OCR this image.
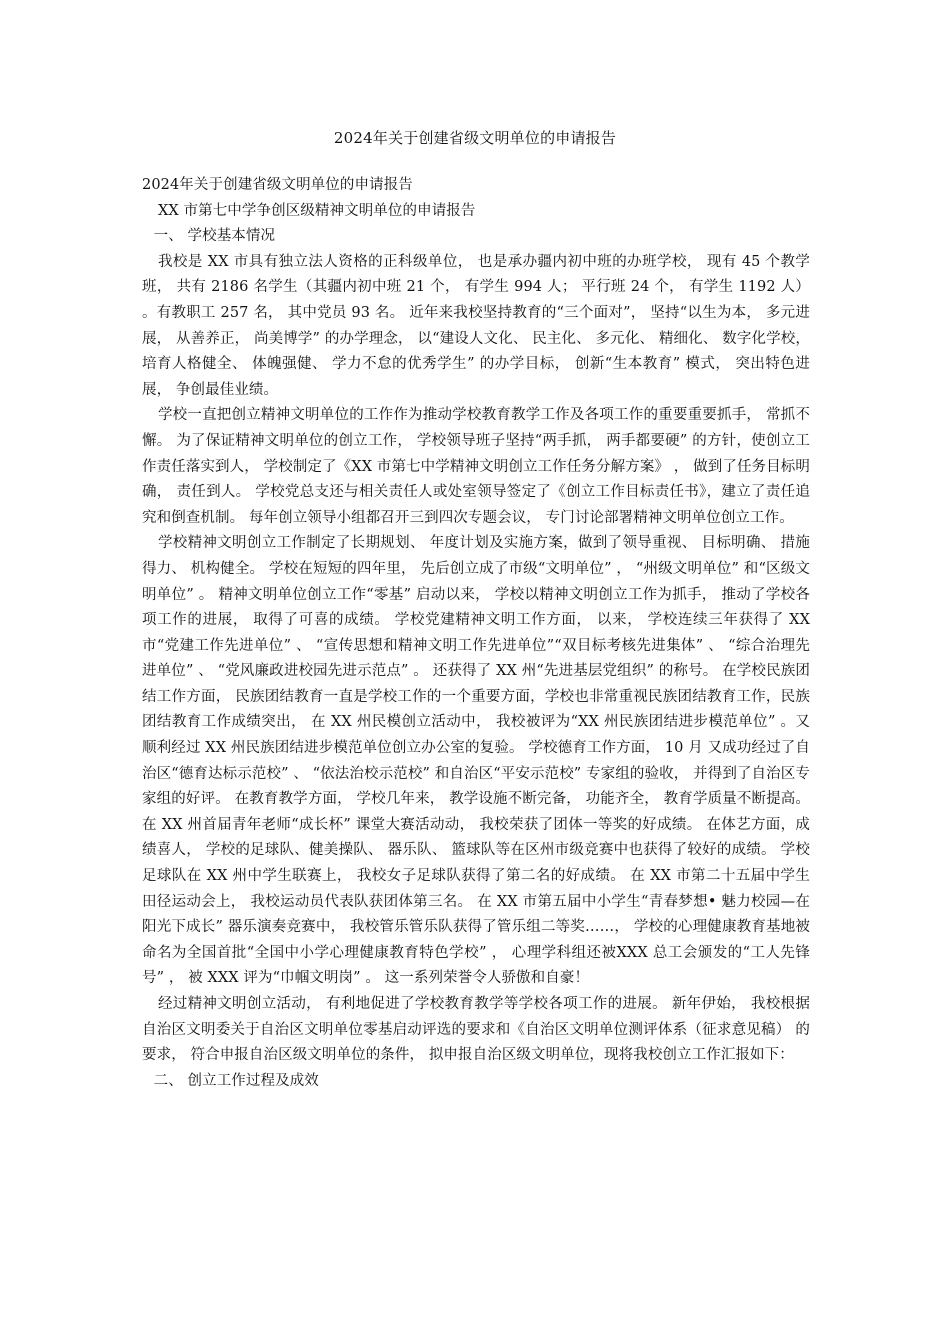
2024年关于创建省级文明单位的申请报告

2024年关于创建省级文明单位的申请报告

XX 市第七中学争创区级精神文明单位的申请报告

一、 学校基本情况

我校是 XX 市具有独立法人资格的正科级单位， 也是承办疆内初中班的办班学校， 现有 45 个教学班， 共有 2186 名学生（其疆内初中班 21 个， 有学生 994 人； 平行班 24 个， 有学生 1192 人） 。有教职工 257 名， 其中党员 93 名。 近年来我校坚持教育的“三个面对”， 坚持“以生为本， 多元进展， 从善养正， 尚美博学” 的办学理念， 以“建设人文化、 民主化、 多元化、 精细化、 数字化学校，培育人格健全、 体魄强健、 学力不怠的优秀学生” 的办学目标， 创新“生本教育” 模式， 突出特色进展， 争创最佳业绩。

学校一直把创立精神文明单位的工作作为推动学校教育教学工作及各项工作的重要重要抓手， 常抓不懈。 为了保证精神文明单位的创立工作， 学校领导班子坚持“两手抓， 两手都要硬” 的方针，使创立工作责任落实到人， 学校制定了《XX 市第七中学精神文明创立工作任务分解方案》 ， 做到了任务目标明确， 责任到人。 学校党总支还与相关责任人或处室领导签定了《创立工作目标责任书》，建立了责任追究和倒查机制。 每年创立领导小组都召开三到四次专题会议， 专门讨论部署精神文明单位创立工作。

学校精神文明创立工作制定了长期规划、 年度计划及实施方案，做到了领导重视、 目标明确、 措施得力、 机构健全。 学校在短短的四年里， 先后创立成了市级“文明单位” ， “州级文明单位” 和“区级文明单位” 。 精神文明单位创立工作“零基” 启动以来， 学校以精神文明创立工作为抓手， 推动了学校各项工作的进展， 取得了可喜的成绩。 学校党建精神文明工作方面， 以来， 学校连续三年获得了 XX市“党建工作先进单位” 、 “宣传思想和精神文明工作先进单位”“双目标考核先进集体” 、 “综合治理先进单位” 、 “党风廉政进校园先进示范点” 。 还获得了 XX 州“先进基层党组织” 的称号。 在学校民族团结工作方面， 民族团结教育一直是学校工作的一个重要方面，学校也非常重视民族团结教育工作，民族团结教育工作成绩突出， 在 XX 州民模创立活动中， 我校被评为“XX 州民族团结进步模范单位” 。又顺利经过 XX 州民族团结进步模范单位创立办公室的复验。 学校德育工作方面， 10 月 又成功经过了自治区“德育达标示范校” 、 “依法治校示范校” 和自治区“平安示范校” 专家组的验收， 并得到了自治区专家组的好评。 在教育教学方面， 学校几年来， 教学设施不断完备， 功能齐全， 教育学质量不断提高。 在 XX 州首届青年老师“成长杯” 课堂大赛活动动， 我校荣获了团体一等奖的好成绩。 在体艺方面，成绩喜人， 学校的足球队、健美操队、 器乐队、 篮球队等在区州市级竞赛中也获得了较好的成绩。 学校足球队在 XX 州中学生联赛上， 我校女子足球队获得了第二名的好成绩。 在 XX 市第二十五届中学生田径运动会上， 我校运动员代表队获团体第三名。 在 XX 市第五届中小学生“青春梦想• 魅力校园—在阳光下成长” 器乐演奏竞赛中， 我校管乐管乐队获得了管乐组二等奖……， 学校的心理健康教育基地被命名为全国首批“全国中小学心理健康教育特色学校” ， 心理学科组还被XXX 总工会颁发的“工人先锋号” ， 被 XXX 评为“巾帼文明岗” 。 这一系列荣誉令人骄傲和自豪！

经过精神文明创立活动， 有利地促进了学校教育教学等学校各项工作的进展。 新年伊始， 我校根据自治区文明委关于自治区文明单位零基启动评选的要求和《自治区文明单位测评体系（征求意见稿） 的要求， 符合申报自治区级文明单位的条件， 拟申报自治区级文明单位，现将我校创立工作汇报如下：

二、 创立工作过程及成效
